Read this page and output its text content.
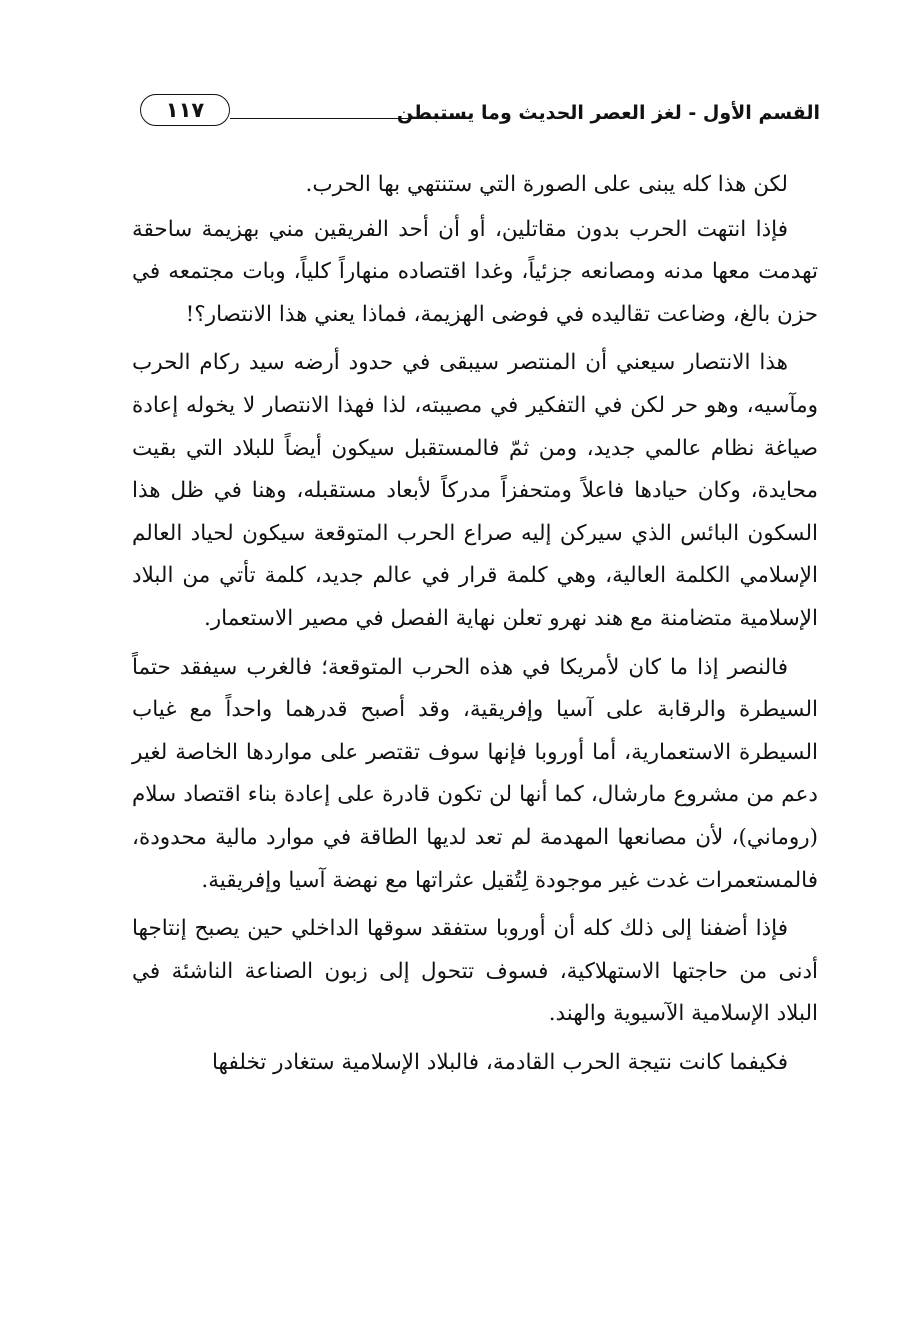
القسم الأول - لغز العصر الحديث وما يستبطن
١١٧

لكن هذا كله يبنى على الصورة التي ستنتهي بها الحرب.

فإذا انتهت الحرب بدون مقاتلين، أو أن أحد الفريقين مني بهزيمة ساحقة تهدمت معها مدنه ومصانعه جزئياً، وغدا اقتصاده منهاراً كلياً، وبات مجتمعه في حزن بالغ، وضاعت تقاليده في فوضى الهزيمة، فماذا يعني هذا الانتصار؟!

هذا الانتصار سيعني أن المنتصر سيبقى في حدود أرضه سيد ركام الحرب ومآسيه، وهو حر لكن في التفكير في مصيبته، لذا فهذا الانتصار لا يخوله إعادة صياغة نظام عالمي جديد، ومن ثمّ فالمستقبل سيكون أيضاً للبلاد التي بقيت محايدة، وكان حيادها فاعلاً ومتحفزاً مدركاً لأبعاد مستقبله، وهنا في ظل هذا السكون البائس الذي سيركن إليه صراع الحرب المتوقعة سيكون لحياد العالم الإسلامي الكلمة العالية، وهي كلمة قرار في عالم جديد، كلمة تأتي من البلاد الإسلامية متضامنة مع هند نهرو تعلن نهاية الفصل في مصير الاستعمار.

فالنصر إذا ما كان لأمريكا في هذه الحرب المتوقعة؛ فالغرب سيفقد حتماً السيطرة والرقابة على آسيا وإفريقية، وقد أصبح قدرهما واحداً مع غياب السيطرة الاستعمارية، أما أوروبا فإنها سوف تقتصر على مواردها الخاصة لغير دعم من مشروع مارشال، كما أنها لن تكون قادرة على إعادة بناء اقتصاد سلام (روماني)، لأن مصانعها المهدمة لم تعد لديها الطاقة في موارد مالية محدودة، فالمستعمرات غدت غير موجودة لِتُقيل عثراتها مع نهضة آسيا وإفريقية.

فإذا أضفنا إلى ذلك كله أن أوروبا ستفقد سوقها الداخلي حين يصبح إنتاجها أدنى من حاجتها الاستهلاكية، فسوف تتحول إلى زبون الصناعة الناشئة في البلاد الإسلامية الآسيوية والهند.

فكيفما كانت نتيجة الحرب القادمة، فالبلاد الإسلامية ستغادر تخلفها
